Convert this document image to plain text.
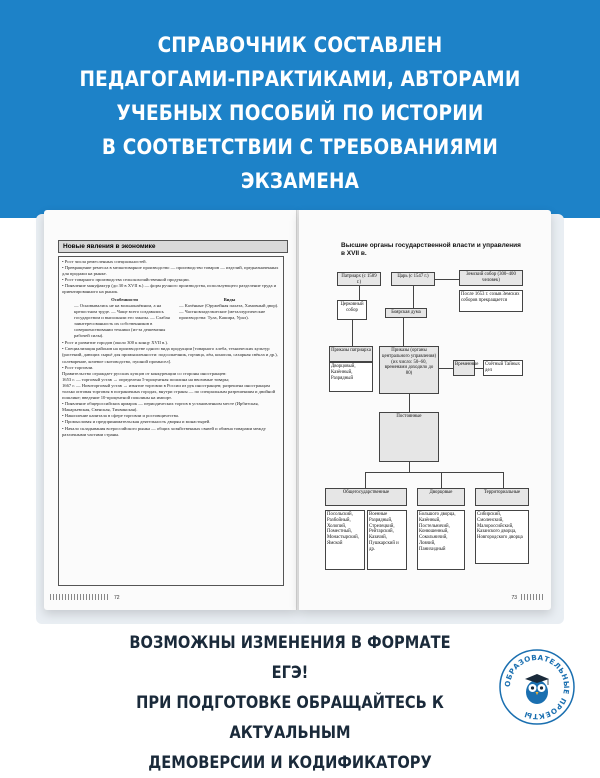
СПРАВОЧНИК СОСТАВЛЕН
ПЕДАГОГАМИ-ПРАКТИКАМИ, АВТОРАМИ
УЧЕБНЫХ ПОСОБИЙ ПО ИСТОРИИ
В СООТВЕТСТВИИ С ТРЕБОВАНИЯМИ ЭКЗАМЕНА
Новые явления в экономике

• Рост числа ремесленных специальностей.

• Превращение ремесла в мелкотоварное производство — производство товаров — изделий, предназначенных для продажи на рынке.

• Рост товарного производства сельскохозяйственной продукции.

• Появление мануфактур (до 30 в XVII в.) — форм ручного производства, использующего разделение труда и ориентированного на рынок.

Особенности
— Основывались не на вольнонаёмном, а на крепостном труде. — Чаще всего создавались государством и выполняли его заказы. — Слабая заинтересованность их собственников в совершенствовании техники (из-за дешевизны рабочей силы).
Виды
— Казённые (Оружейная палата, Хамовный двор). — Частновладельческие (металлургические производства: Тула, Кашира, Урал).

• Рост и развитие городов (около 300 к концу XVII в.).

• Специализация районов на производстве одного вида продукции [товарного хлеба, технических культур (растений, дающих сырьё для промышленности: подсолнечник, горчица, лён, конопля, сахарная свёкла и др.), солеварение, кочевое скотоводство, пушной промысел].

• Рост торговли.

Правительство ограждает русских купцов от конкуренции со стороны иностранцев:

1653 г. — торговый устав → определена 5-процентная пошлина на ввозимые товары;

1667 г. — Новоторговый устав → изъятие торговли в России из рук иностранцев; разрешена иностранцам только оптовая торговля в пограничных городах, внутри страны — по специальным разрешениям и двойной пошлине; введение 10-процентной пошлины на импорт.

• Появление общероссийских ярмарок — периодических торгов в установленном месте (Ирбитская, Макарьевская, Свенская, Тихвинская).

• Накопление капитала в сфере торговли и ростовщичества.

• Промысловая и предпринимательская деятельность дворян и монастырей.

• Начало складывания всероссийского рынка — общих хозяйственных связей и обмена товарами между различными частями страны.

72
Высшие органы государственной власти и управления в XVII в.
Патриарх (с 1589 г.)
Царь (с 1547 г.)	Земский собор (300–400 человек)
После 1653 г. созыв Земских соборов прекращается
Церковный собор	Боярская дума
Приказы патриарха
Дворцовый, Казённый, Разрядный
Приказы (органы центрального управления) (их число: 50–60, временами доходило до 80)
Временные	Счётный Тайных дел
Постоянные
Общегосударственные
Посольский, Разбойный, Холопий, Поместный, Монастырский, Ямской
Военные Разрядный, Стрелецкий, Рейтарский, Казачий, Пушкарский и др.
Дворцовые
Большого дворца, Казённый, Постельничий, Конюшенный, Сокольничий, Ловчий, Панихидный
Территориальные
Сибирский, Смоленский, Малороссийский, Казанского дворца, Новгородского дворца
73
ВОЗМОЖНЫ ИЗМЕНЕНИЯ В ФОРМАТЕ ЕГЭ!
ПРИ ПОДГОТОВКЕ ОБРАЩАЙТЕСЬ К АКТУАЛЬНЫМ
ДЕМОВЕРСИИ И КОДИФИКАТОРУ
ОБРАЗОВАТЕЛЬНЫЕ ПРОЕКТЫ
